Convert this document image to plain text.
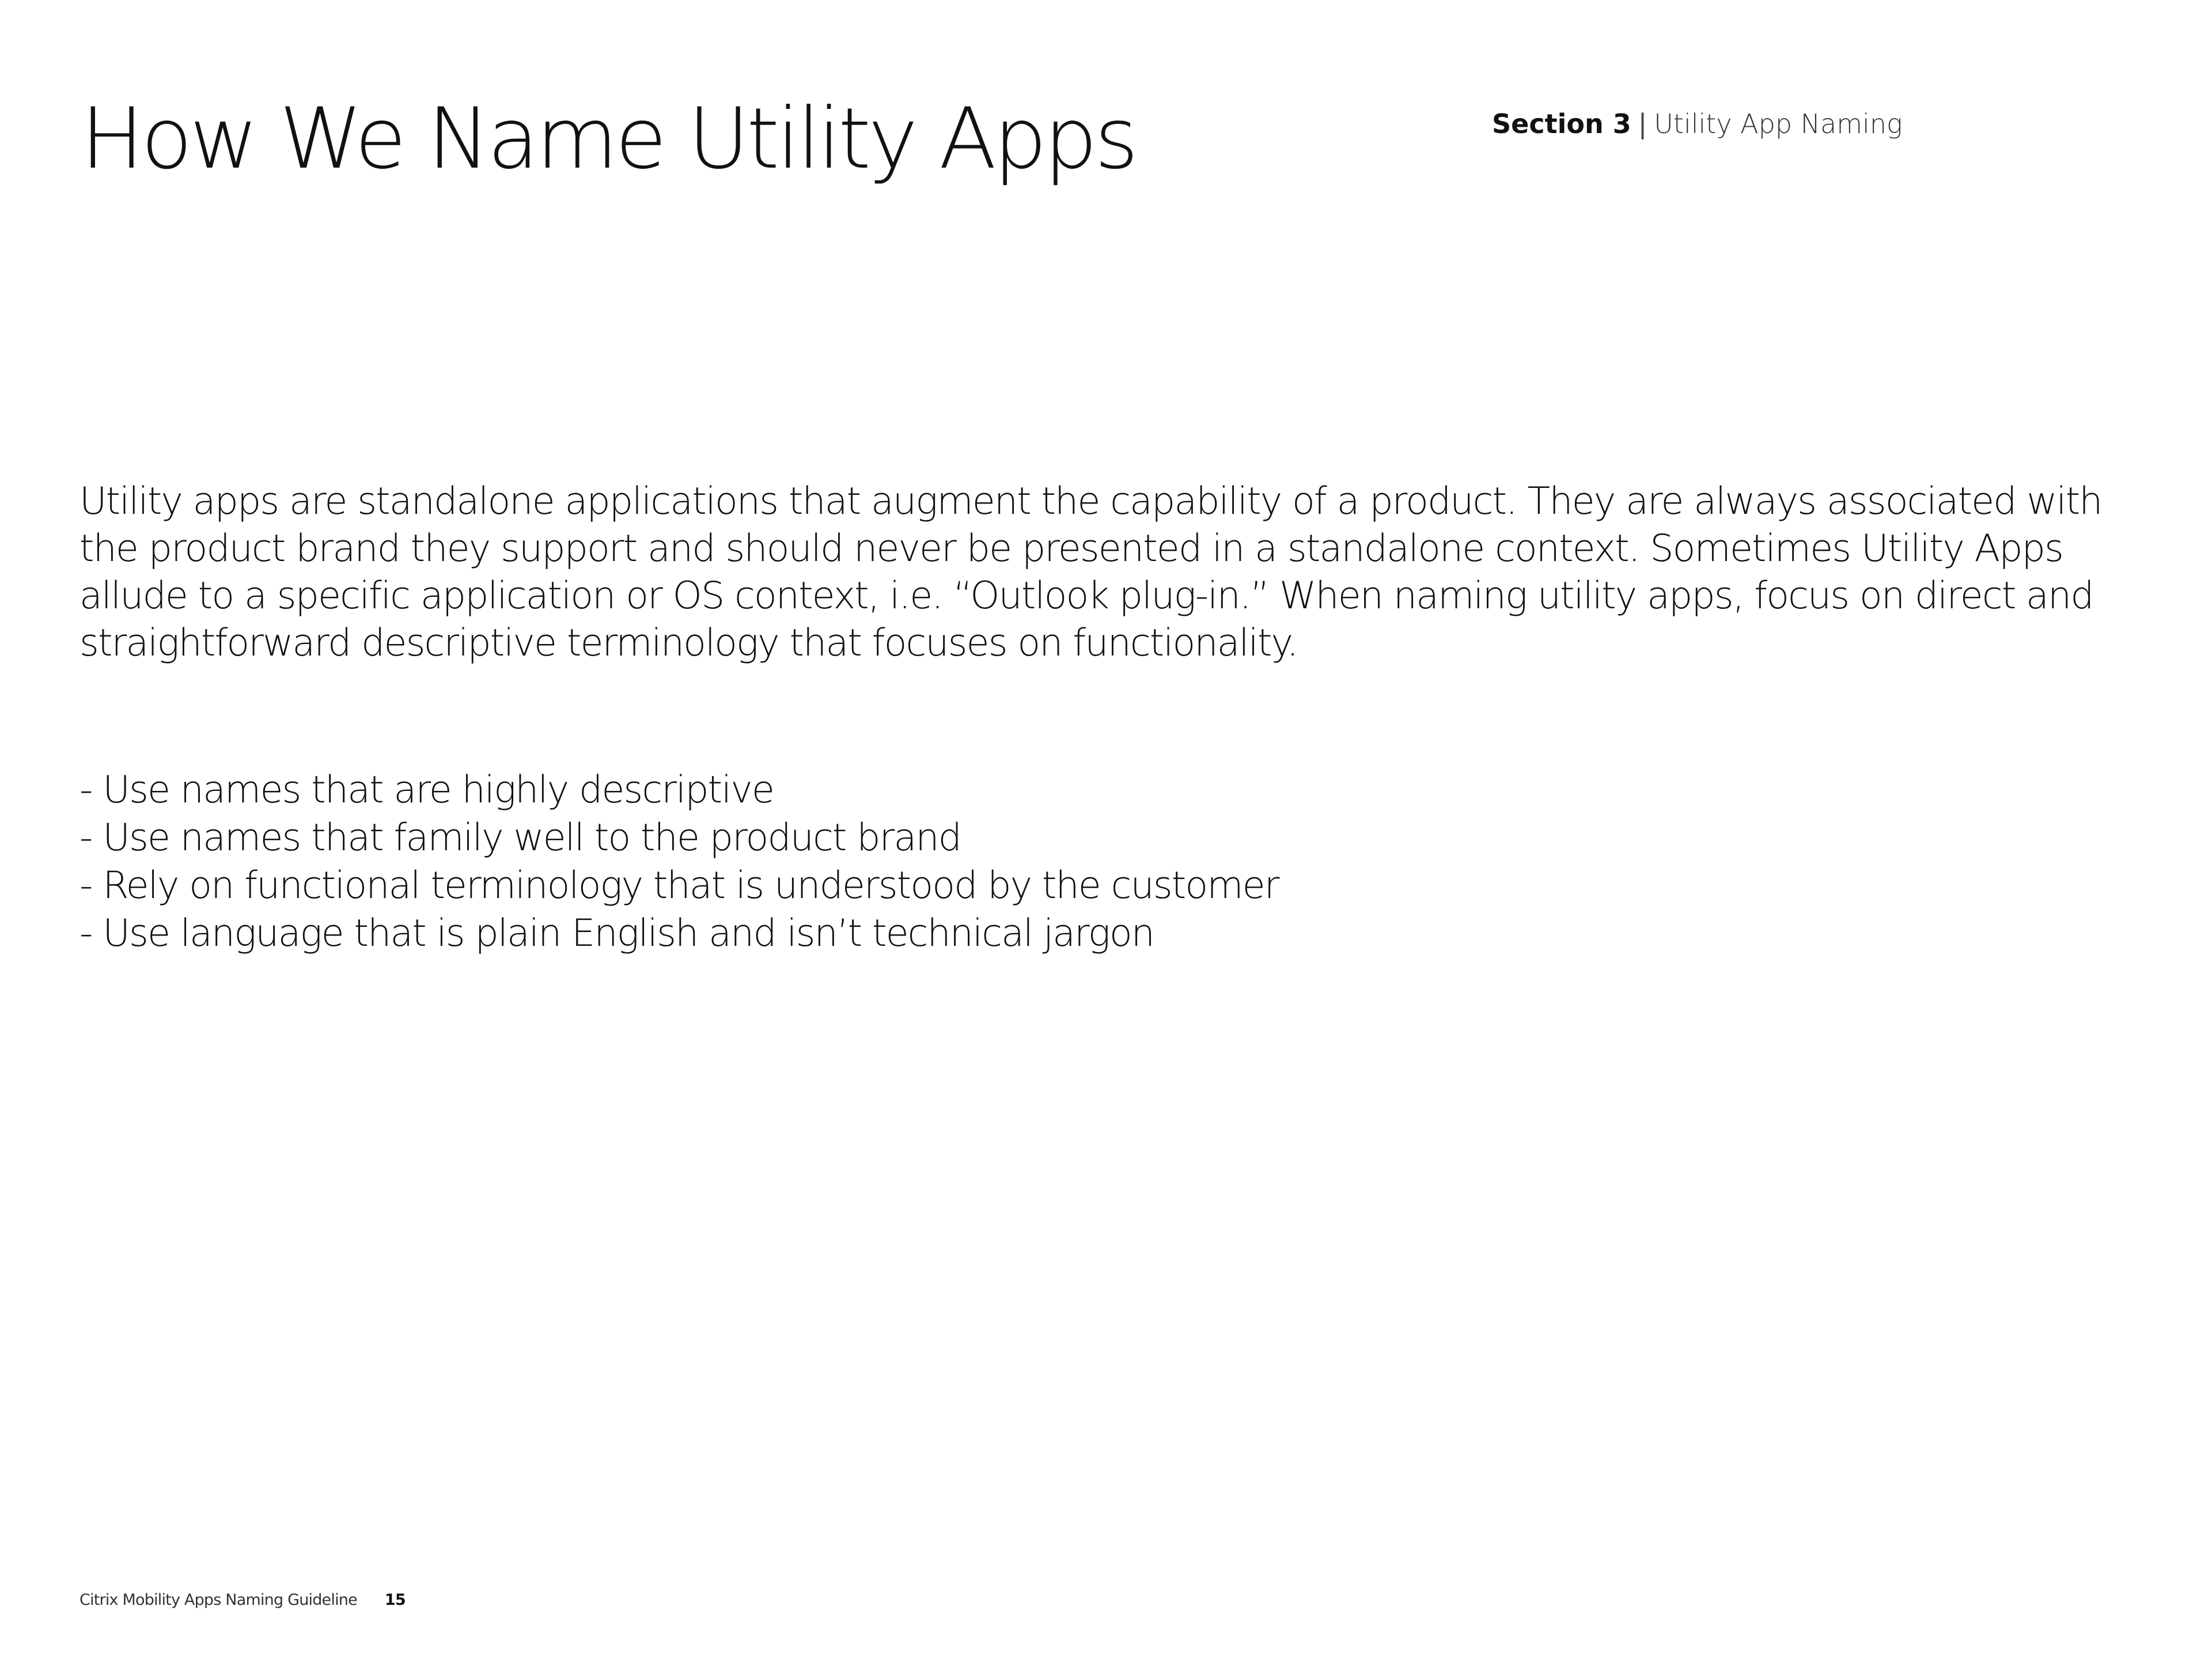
How We Name Utility Apps	Section 3 | Utility App Naming

Utility apps are standalone applications that augment the capability of a product. They are always associated with the product brand they support and should never be presented in a standalone context. Sometimes Utility Apps allude to a specific application or OS context, i.e. “Outlook plug-in.” When naming utility apps, focus on direct and straightforward descriptive terminology that focuses on functionality.

- Use names that are highly descriptive
- Use names that family well to the product brand
- Rely on functional terminology that is understood by the customer
- Use language that is plain English and isn’t technical jargon
Citrix Mobility Apps Naming Guideline 15
